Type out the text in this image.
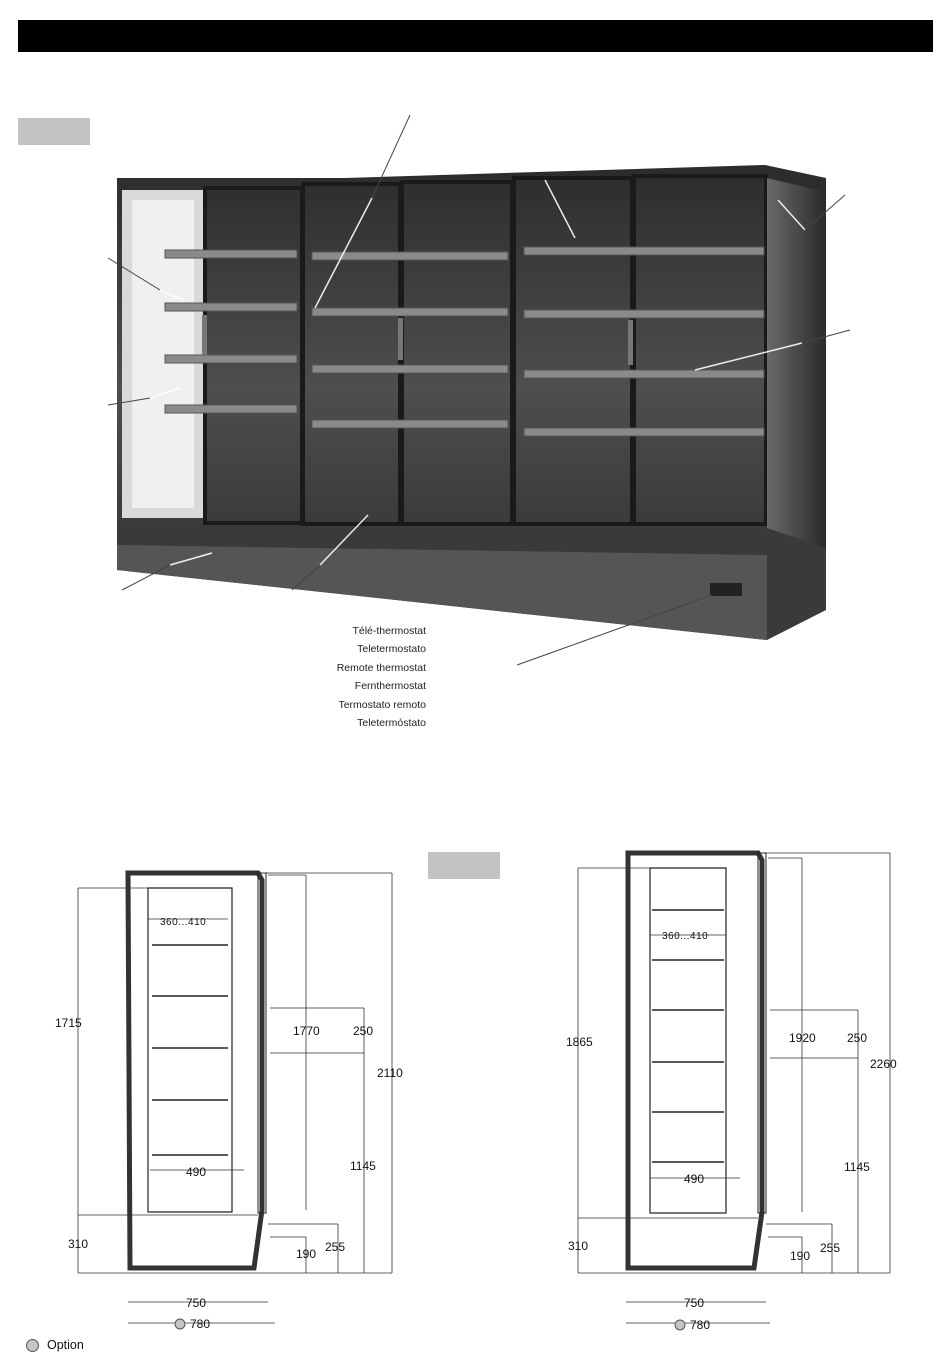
Télé-thermostat
Teletermostato
Remote thermostat
Fernthermostat
Termostato remoto
Teletermóstato
360...410
1715
1770	250
2110
1145
490
310
190 255
750
780
360...410
1865	1920	250
2260
1145
490
310
190
255
750
780
Option
